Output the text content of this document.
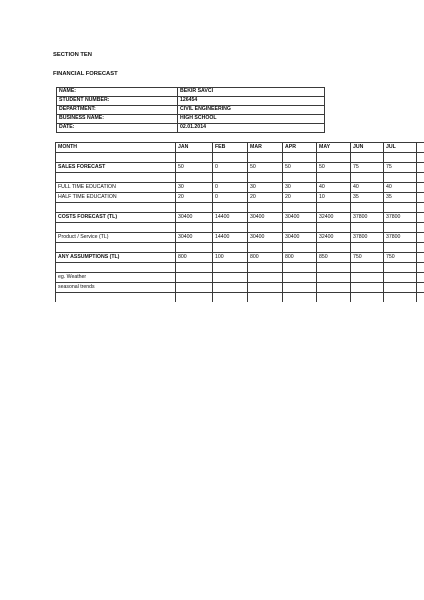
SECTION TEN
FINANCIAL FORECAST
NAME:	BEKİR SAVCI
STUDENT NUMBER:	126454
DEPARTMENT:	CIVIL ENGINEERING
BUSINESS NAME:	HİGH SCHOOL
DATE:	02.01.2014
MONTH	JAN	FEB	MAR	APR	MAY	JUN	JUL	

SALES FORECAST	50	0	50	50	50	75	75	

FULL TIME EDUCATION	30	0	30	30	40	40	40	
HALF TIME EDUCATION	20	0	20	20	10	35	35	

COSTS FORECAST (TL)	30400	14400	30400	30400	32400	37800	37800	

Product / Service (TL)	30400	14400	30400	30400	32400	37800	37800	

ANY ASSUMPTIONS (TL)	800	100	800	800	850	750	750	

eg. Weather								
seasonal trends								
